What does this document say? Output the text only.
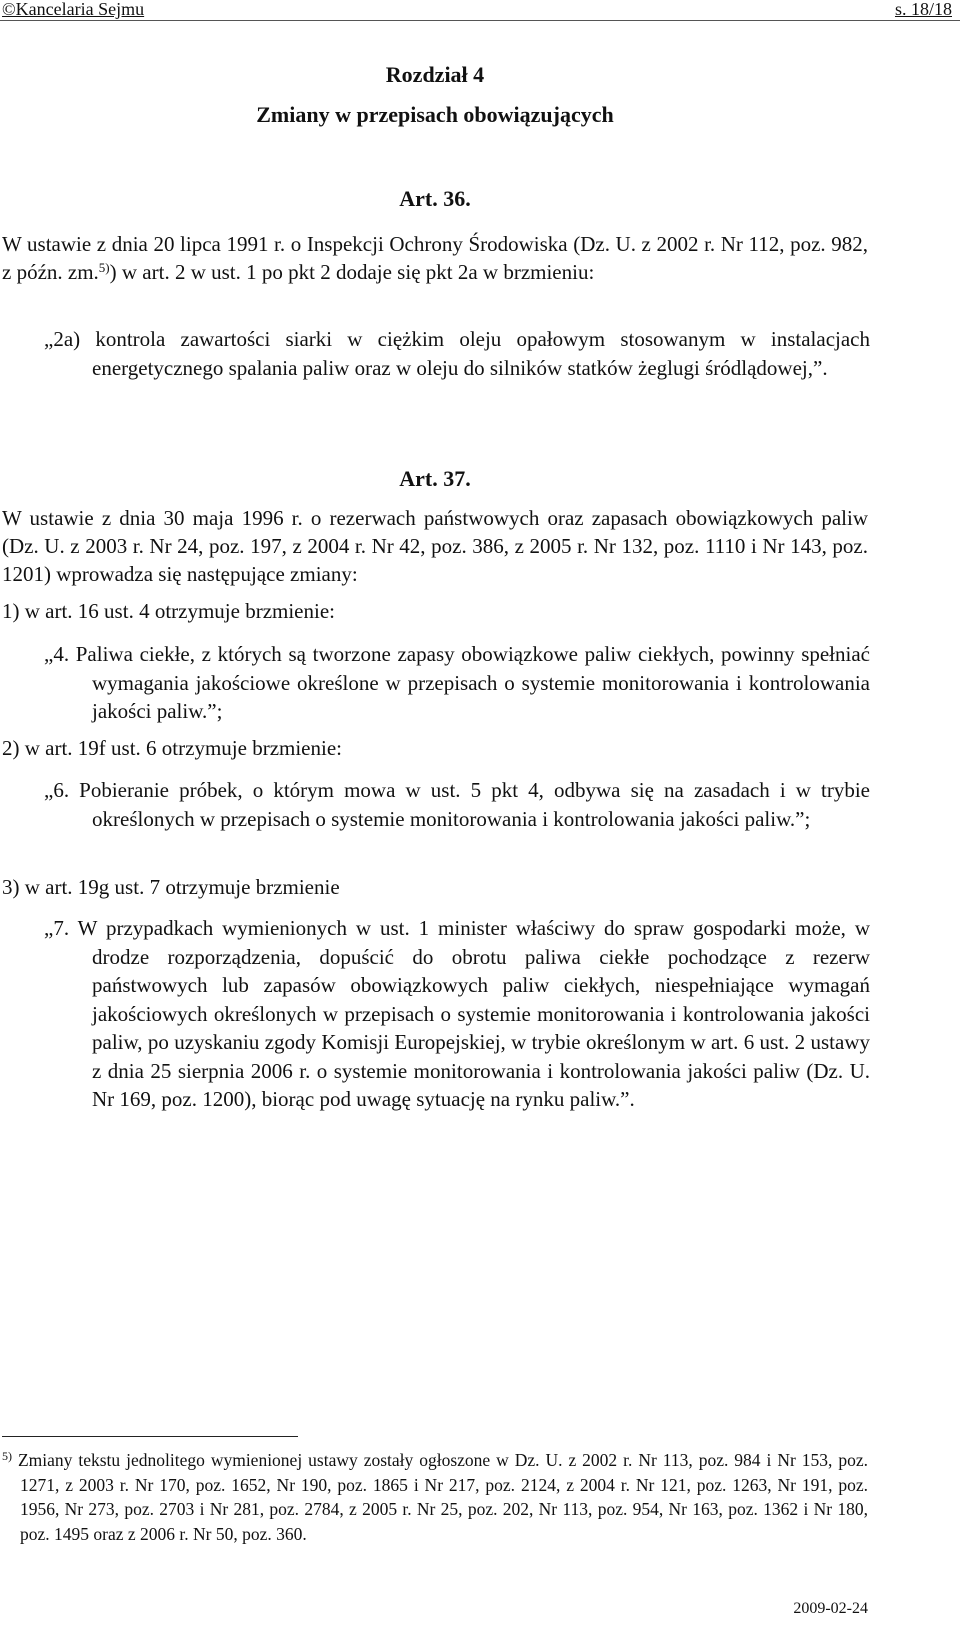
©Kancelaria Sejmu	s. 18/18
Rozdział 4
Zmiany w przepisach obowiązujących
Art. 36.
W ustawie z dnia 20 lipca 1991 r. o Inspekcji Ochrony Środowiska (Dz. U. z 2002 r. Nr 112, poz. 982, z późn. zm.$^{5)}$) w art. 2 w ust. 1 po pkt 2 dodaje się pkt 2a w brzmieniu:
„2a) kontrola zawartości siarki w ciężkim oleju opałowym stosowanym w instalacjach energetycznego spalania paliw oraz w oleju do silników statków żeglugi śródlądowej,”.
Art. 37.
W ustawie z dnia 30 maja 1996 r. o rezerwach państwowych oraz zapasach obowiązkowych paliw (Dz. U. z 2003 r. Nr 24, poz. 197, z 2004 r. Nr 42, poz. 386, z 2005 r. Nr 132, poz. 1110 i Nr 143, poz. 1201) wprowadza się następujące zmiany:
1) w art. 16 ust. 4 otrzymuje brzmienie:
„4. Paliwa ciekłe, z których są tworzone zapasy obowiązkowe paliw ciekłych, powinny spełniać wymagania jakościowe określone w przepisach o systemie monitorowania i kontrolowania jakości paliw.”;
2) w art. 19f ust. 6 otrzymuje brzmienie:
„6. Pobieranie próbek, o którym mowa w ust. 5 pkt 4, odbywa się na zasadach i w trybie określonych w przepisach o systemie monitorowania i kontrolowania jakości paliw.”;
3) w art. 19g ust. 7 otrzymuje brzmienie
„7. W przypadkach wymienionych w ust. 1 minister właściwy do spraw gospodarki może, w drodze rozporządzenia, dopuścić do obrotu paliwa ciekłe pochodzące z rezerw państwowych lub zapasów obowiązkowych paliw ciekłych, niespełniające wymagań jakościowych określonych w przepisach o systemie monitorowania i kontrolowania jakości paliw, po uzyskaniu zgody Komisji Europejskiej, w trybie określonym w art. 6 ust. 2 ustawy z dnia 25 sierpnia 2006 r. o systemie monitorowania i kontrolowania jakości paliw (Dz. U. Nr 169, poz. 1200), biorąc pod uwagę sytuację na rynku paliw.”.
$^{5)}$ Zmiany tekstu jednolitego wymienionej ustawy zostały ogłoszone w Dz. U. z 2002 r. Nr 113, poz. 984 i Nr 153, poz. 1271, z 2003 r. Nr 170, poz. 1652, Nr 190, poz. 1865 i Nr 217, poz. 2124, z 2004 r. Nr 121, poz. 1263, Nr 191, poz. 1956, Nr 273, poz. 2703 i Nr 281, poz. 2784, z 2005 r. Nr 25, poz. 202, Nr 113, poz. 954, Nr 163, poz. 1362 i Nr 180, poz. 1495 oraz z 2006 r. Nr 50, poz. 360.
2009-02-24
